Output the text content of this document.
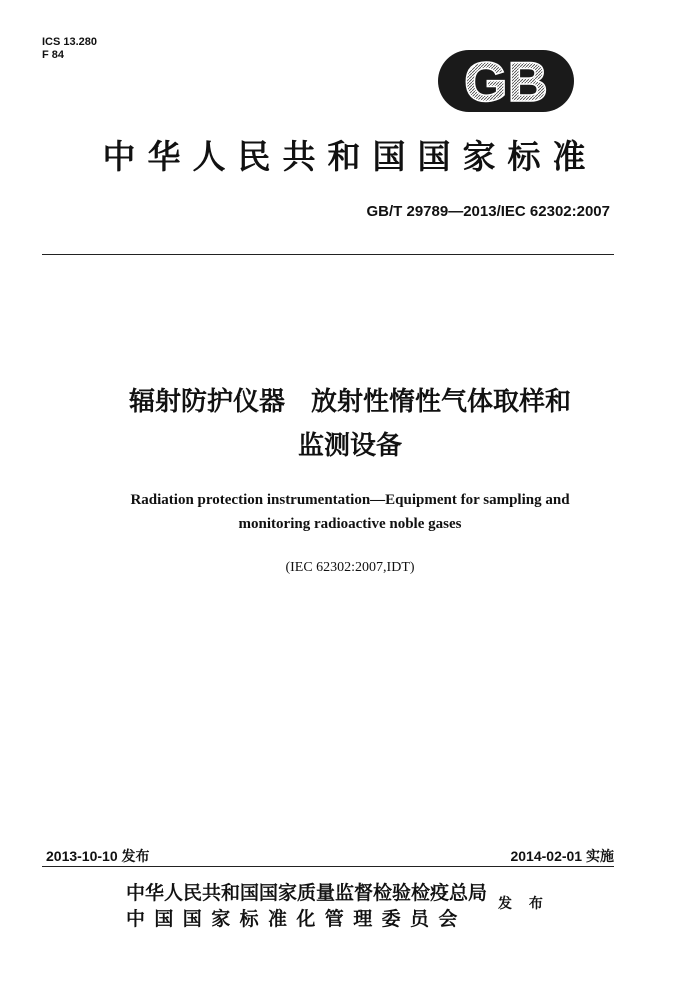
ICS 13.280
F 84	GB
中华人民共和国国家标准
GB/T 29789—2013/IEC 62302:2007
辐射防护仪器　放射性惰性气体取样和
监测设备
Radiation protection instrumentation—Equipment for sampling and
monitoring radioactive noble gases
(IEC 62302:2007,IDT)
2013-10-10 发布	2014-02-01 实施
中华人民共和国国家质量监督检验检疫总局
中国国家标准化管理委员会
发 布
